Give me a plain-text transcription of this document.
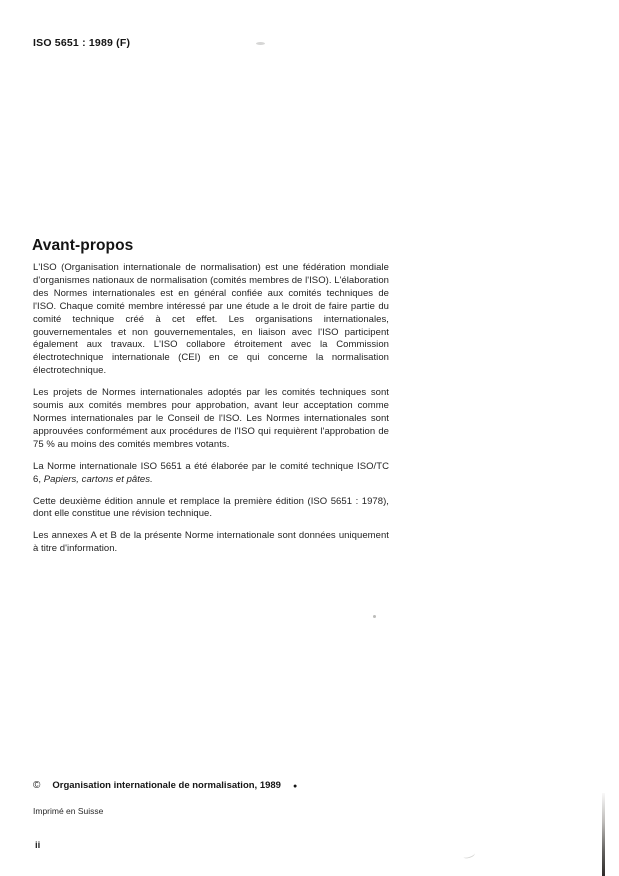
ISO 5651 : 1989 (F)
Avant-propos

L'ISO (Organisation internationale de normalisation) est une fédération mondiale d'organismes nationaux de normalisation (comités membres de l'ISO). L'élaboration des Normes internationales est en général confiée aux comités techniques de l'ISO. Chaque comité membre intéressé par une étude a le droit de faire partie du comité technique créé à cet effet. Les organisations internationales, gouvernementales et non gouvernementales, en liaison avec l'ISO participent également aux travaux. L'ISO collabore étroitement avec la Commission électrotechnique internationale (CEI) en ce qui concerne la normalisation électrotechnique.

Les projets de Normes internationales adoptés par les comités techniques sont soumis aux comités membres pour approbation, avant leur acceptation comme Normes internationales par le Conseil de l'ISO. Les Normes internationales sont approuvées conformément aux procédures de l'ISO qui requièrent l'approbation de 75 % au moins des comités membres votants.

La Norme internationale ISO 5651 a été élaborée par le comité technique ISO/TC 6, Papiers, cartons et pâtes.

Cette deuxième édition annule et remplace la première édition (ISO 5651 : 1978), dont elle constitue une révision technique.

Les annexes A et B de la présente Norme internationale sont données uniquement à titre d'information.

© Organisation internationale de normalisation, 1989 ●
Imprimé en Suisse
ii
